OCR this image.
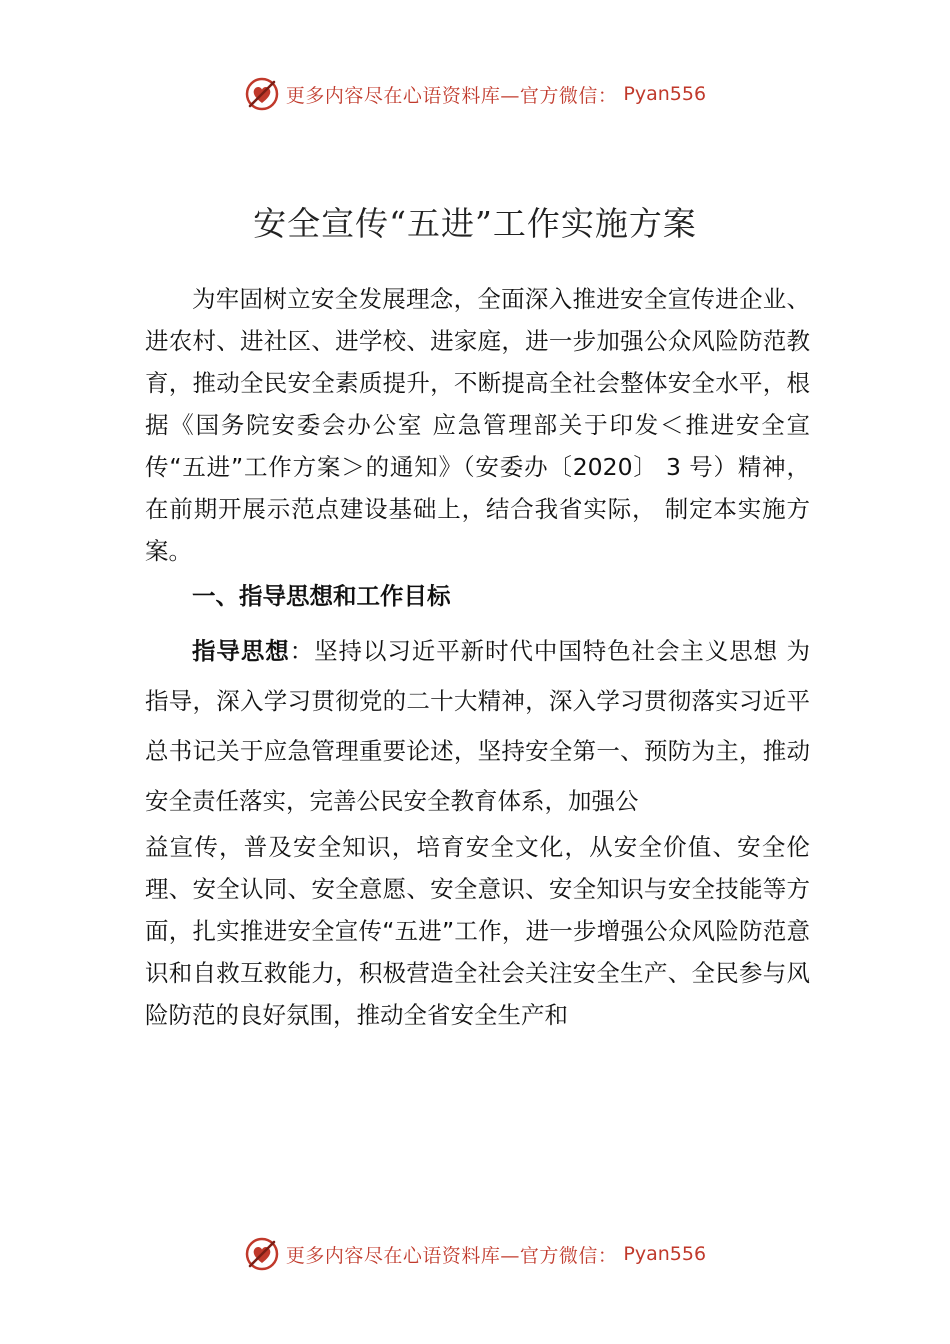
更多内容尽在心语资料库—官方微信： Pyan556
安全宣传“五进”工作实施方案

为牢固树立安全发展理念，全面深入推进安全宣传进企业、进农村、进社区、进学校、进家庭，进一步加强公众风险防范教育，推动全民安全素质提升，不断提高全社会整体安全水平，根据《国务院安委会办公室 应急管理部关于印发＜推进安全宣传“五进”工作方案＞的通知》（安委办〔2020〕 3 号）精神，在前期开展示范点建设基础上，结合我省实际， 制定本实施方案。

一、指导思想和工作目标

指导思想：坚持以习近平新时代中国特色社会主义思想 为指导，深入学习贯彻党的二十大精神，深入学习贯彻落实习近平总书记关于应急管理重要论述，坚持安全第一、预防为主，推动安全责任落实，完善公民安全教育体系，加强公

益宣传，普及安全知识，培育安全文化，从安全价值、安全伦理、安全认同、安全意愿、安全意识、安全知识与安全技能等方面，扎实推进安全宣传“五进”工作，进一步增强公众风险防范意识和自救互救能力，积极营造全社会关注安全生产、全民参与风险防范的良好氛围，推动全省安全生产和

更多内容尽在心语资料库—官方微信： Pyan556
